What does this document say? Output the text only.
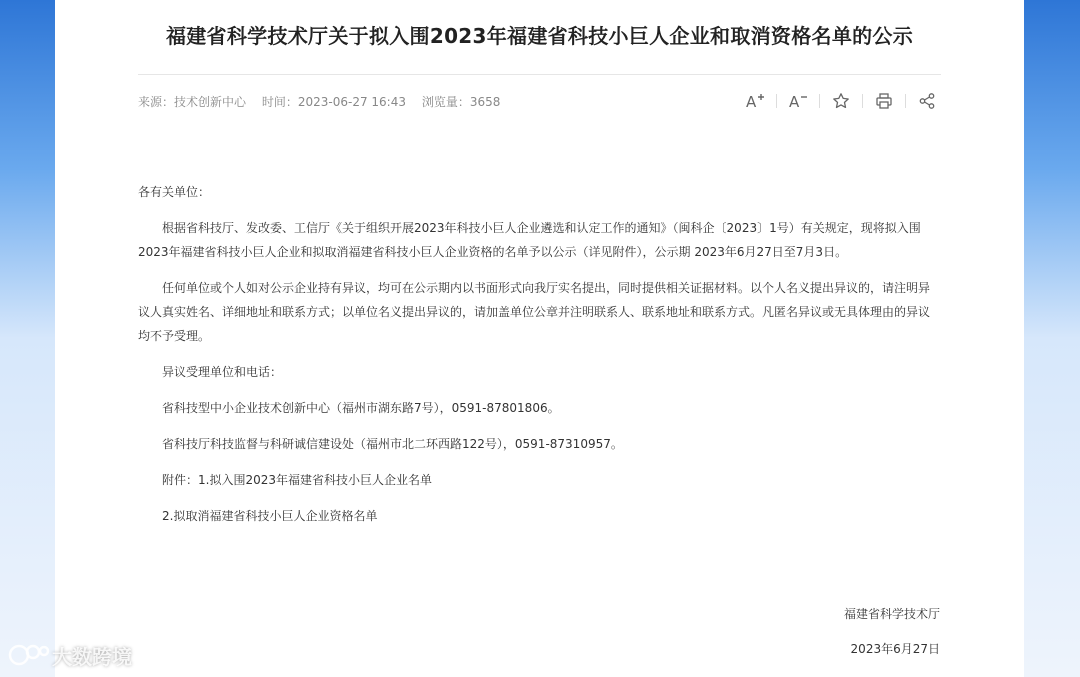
福建省科学技术厅关于拟入围2023年福建省科技小巨人企业和取消资格名单的公示
来源：技术创新中心 时间：2023-06-27 16:43 浏览量：3658	A A

各有关单位：

根据省科技厅、发改委、工信厅《关于组织开展2023年科技小巨人企业遴选和认定工作的通知》（闽科企〔2023〕1号）有关规定，现将拟入围2023年福建省科技小巨人企业和拟取消福建省科技小巨人企业资格的名单予以公示（详见附件），公示期 2023年6月27日至7月3日。

任何单位或个人如对公示企业持有异议，均可在公示期内以书面形式向我厅实名提出，同时提供相关证据材料。以个人名义提出异议的，请注明异议人真实姓名、详细地址和联系方式；以单位名义提出异议的，请加盖单位公章并注明联系人、联系地址和联系方式。凡匿名异议或无具体理由的异议均不予受理。

异议受理单位和电话：

省科技型中小企业技术创新中心（福州市湖东路7号），0591-87801806。

省科技厅科技监督与科研诚信建设处（福州市北二环西路122号），0591-87310957。

附件：1.拟入围2023年福建省科技小巨人企业名单

2.拟取消福建省科技小巨人企业资格名单

福建省科学技术厅
2023年6月27日
大数跨境
